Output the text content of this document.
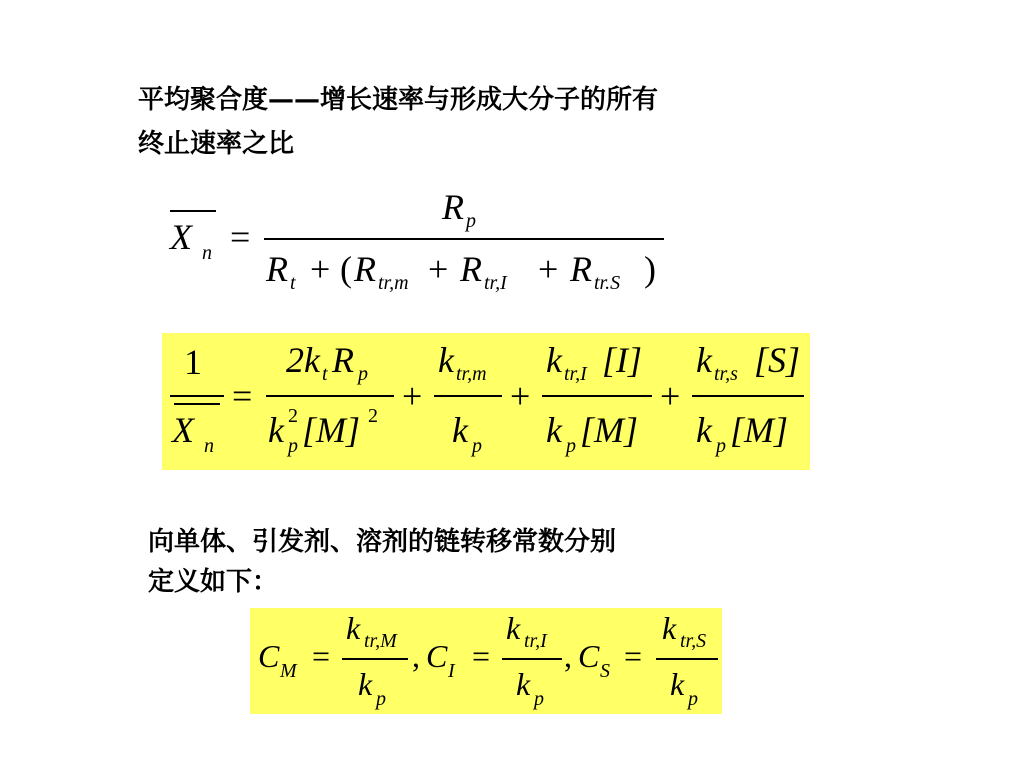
平均聚合度——增长速率与形成大分子的所有
终止速率之比
X n =
R p
R t + ( R tr,m + R tr,I + R tr.S )
1
X n
=
2k t R p
k 2
p [M] 2 +
k tr,m
k p
+
k tr,I [I]
k p [M]
+
k tr,s [S]
k p [M]
向单体、引发剂、溶剂的链转移常数分别
定义如下：
C M =
k tr,M
k p
, C I =
k tr,I
k p
, C S =
k tr,S
k p
